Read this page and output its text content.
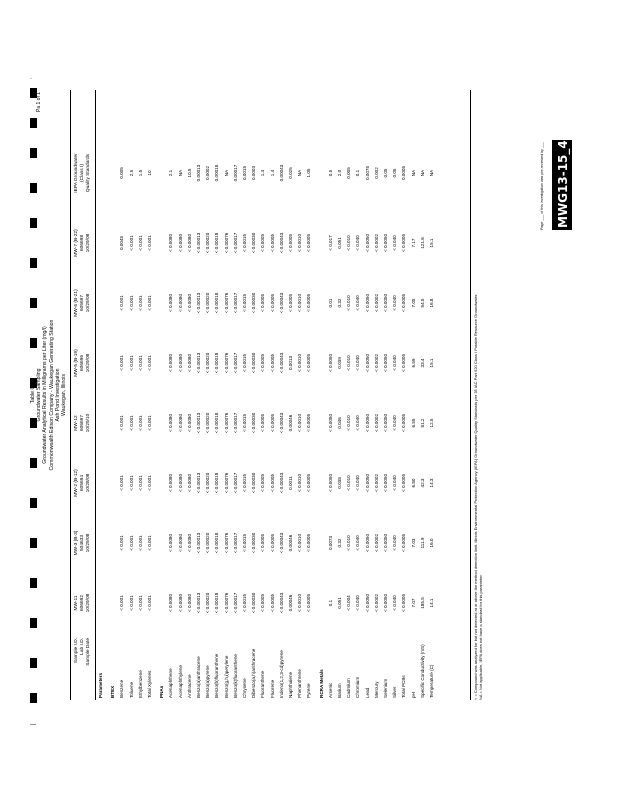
Pa 1 of 1
Table 6 Groundwater Sampling Groundwater Analytical Results in Milligrams per Liter (mg/l) Commonwealth Edison Company - Waukegan Generating Station Ash Pond Investigation Waukegan, Illinois
Sample I.D. Lab I.D. Sample Date
MW-11 606692 10/29/08
MW-3 (B-3) 504633 10/29/08
MW-2 (B-12) 605694 10/28/08
MW-12 606697 10/29/10
MW-5 (B-19) 606696 10/29/08
MW-6 (B-21) 605697 10/29/08
MW-7 (B-22) 606698 10/29/08
IEPA Groundwater (Class I) Quality Standards
Parameters	BTEX Benzene
< 0.001
< 0.001
< 0.001
< 0.001
< 0.001
< 0.001
0.0045
0.005
Toluene
< 0.001
< 0.001
< 0.001
< 0.001
< 0.001
< 0.001
< 0.001
2.5
Ethylbenzene
< 0.001
< 0.001
< 0.001
< 0.001
< 0.001
< 0.001
< 0.001
1.5
Total Xylenes
< 0.001
< 0.001
< 0.001
< 0.001
< 0.001
< 0.001
< 0.001
10
PNAs Acenaphthene
< 0.0080
< 0.0080
< 0.0080
< 0.0080
< 0.0080
< 0.0080
< 0.0080
2.1
Acenaphthylene
< 0.0080
< 0.0080
< 0.0080
< 0.0080
< 0.0080
< 0.0080
< 0.0080
NA
Anthracene
< 0.0080
< 0.0080
< 0.0080
< 0.0080
< 0.0080
< 0.0080
< 0.0080
10.5
Benzo(a)anthracene
< 0.00013
< 0.00013
< 0.00013
< 0.00013
< 0.00013
< 0.00013
< 0.00013
0.00013
Benzo(a)pyrene
< 0.00020
< 0.00020
< 0.00020
< 0.00020
< 0.00020
< 0.00020
< 0.00020
0.0002
Benzo(b)fluoranthene
< 0.00018
< 0.00018
< 0.00018
< 0.00018
< 0.00018
< 0.00018
< 0.00018
0.00018
Benzo(g,h,i)perylene
< 0.00076
< 0.00076
< 0.00076
< 0.00076
< 0.00076
< 0.00076
< 0.00076
NA
Benzo(k)fluoranthene
< 0.00017
< 0.00017
< 0.00017
< 0.00017
< 0.00017
< 0.00017
< 0.00017
0.00017
Chrysene
< 0.0015
< 0.0015
< 0.0015
< 0.0015
< 0.0015
< 0.0015
< 0.0015
0.0015
Dibenzo(a,h)anthracene
< 0.00030
< 0.00030
< 0.00030
< 0.00030
< 0.00030
< 0.00030
< 0.00030
0.0003
Fluoranthene
< 0.0005
< 0.0005
< 0.0005
< 0.0005
< 0.0005
< 0.0005
< 0.0005
1.4
Fluorene
< 0.0005
< 0.0005
< 0.0005
< 0.0005
< 0.0005
< 0.0005
< 0.0005
1.4
Indeno(1,2,3-cd)pyrene
< 0.00043
< 0.00043
< 0.00043
< 0.00043
< 0.00043
< 0.00043
< 0.00043
0.00043
Naphthalene
0.00046
0.00046
0.0011
0.00046
0.0013
< 0.0005
< 0.0005
0.025
Phenanthrene
< 0.0010
< 0.0010
< 0.0010
< 0.0010
< 0.0010
< 0.0010
< 0.0010
NA
Pyrene
< 0.0005
< 0.0005
< 0.0005
< 0.0005
< 0.0005
< 0.0005
< 0.0005
1.05
RCRA Metals Arsenic
0.1
0.0073
< 0.0050
< 0.0050
< 0.0050
0.01
< 0.017
0.5
Barium
0.051
0.32
0.038
0.046
0.039
0.32
0.051
2.0
Cadmium
< 0.004
< 0.010
< 0.010
< 0.010
< 0.010
< 0.010
< 0.010
0.005
Chromium
< 0.040
< 0.040
< 0.040
< 0.040
< 0.040
< 0.040
< 0.040
0.1
Lead
< 0.0050
< 0.0050
< 0.0050
< 0.0050
< 0.0050
< 0.0050
< 0.0050
0.0075
Mercury
< 0.0002
< 0.0002
< 0.0002
< 0.0002
< 0.0002
< 0.0002
< 0.0002
0.002
Selenium
< 0.0050
< 0.0050
< 0.0050
< 0.0050
< 0.0050
< 0.0050
< 0.0050
0.05
Silver
< 0.040
< 0.040
< 0.040
< 0.040
< 0.040
< 0.040
< 0.040
0.05
Total PCBs
< 0.0005
< 0.0005
< 0.0005
< 0.0005
< 0.0005
< 0.0005
< 0.0005
0.0005
pH
7.07
7.03
6.80
6.55
6.59
7.05
7.17
NA
Specific Conductivity (mS)
185.5
111.9
42.3
81.2
33.4
54.5
121.6
NA
Temperature (C)
14.1
16.0
14.3
12.5
15.1
16.8
15.1
NA
< = Compound was analyzed for but not detected at or above the method detection limit. Illinois Environmental Protection Agency (IEPA) Groundwater Quality Standards per 35 IAC Part 620 Class I Potable Resource Groundwater. NA = Not applicable, IEPA does not have a standard for this parameter.
MWG13-15_4581
Page ___ of this investigation was pre-reviewed by ___
·
—
